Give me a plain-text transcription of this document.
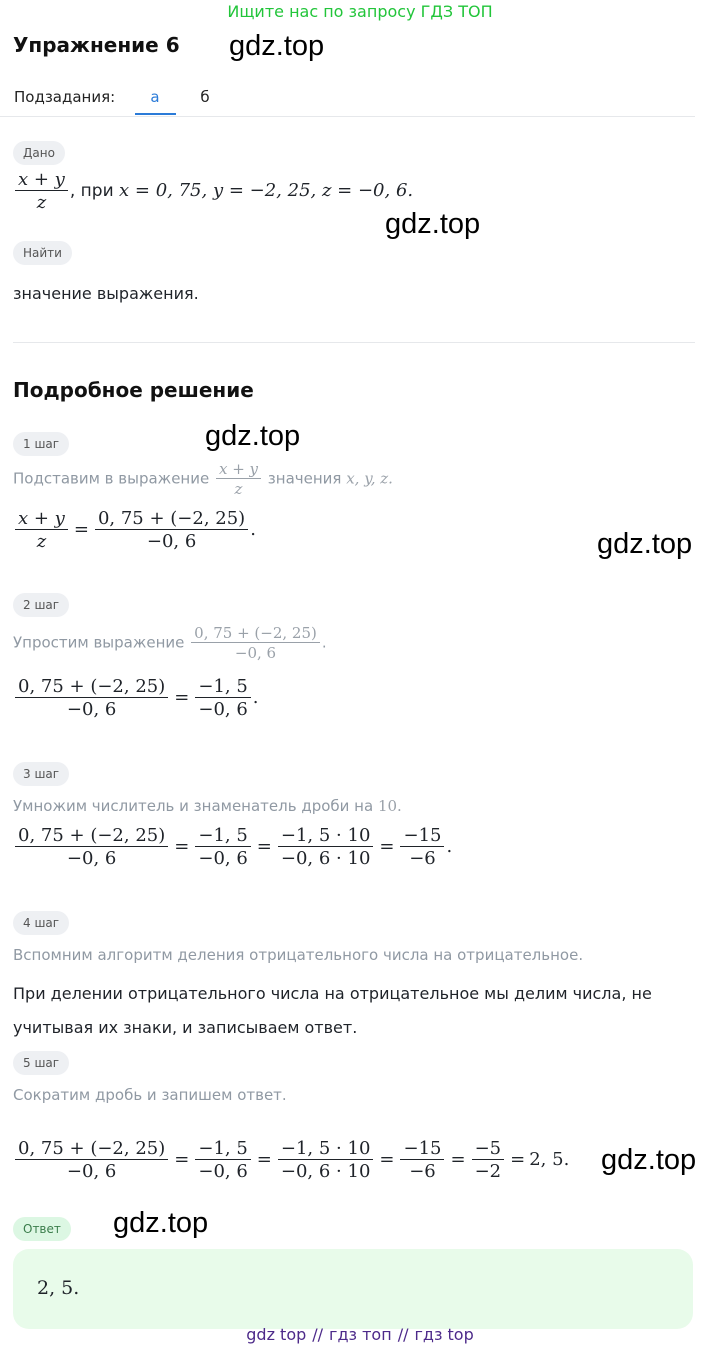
Ищите нас по запросу ГДЗ ТОП
Упражнение 6 gdz.top
Подзадания:	а	б
Дано
$\frac{x + y}{z}$ , при x = 0, 75, y = −2, 25, z = −0, 6.
gdz.top
Найти
значение выражения.
Подробное решение
1 шаг	gdz.top
Подставим в выражение $\frac{x + y}{z}$ значения x, y, z.
$\frac{x + y}{z} = \frac{0, 75 + (-2, 25)}{-0, 6}$ .	gdz.top
2 шаг
Упростим выражение $\frac{0, 75 + (-2, 25)}{-0, 6}$ .
$\frac{0, 75 + (-2, 25)}{-0, 6} = \frac{-1, 5}{-0, 6}$ .
3 шаг
Умножим числитель и знаменатель дроби на 10.
$\frac{0, 75 + (-2, 25)}{-0, 6} = \frac{-1, 5}{-0, 6} = \frac{-1, 5 \cdot 10}{-0, 6 \cdot 10} = \frac{-15}{-6}$ .
4 шаг
Вспомним алгоритм деления отрицательного числа на отрицательное.
При делении отрицательного числа на отрицательное мы делим числа, не
учитывая их знаки, и записываем ответ.
5 шаг
Сократим дробь и запишем ответ.
$\frac{0, 75 + (-2, 25)}{-0, 6} = \frac{-1, 5}{-0, 6} = \frac{-1, 5 \cdot 10}{-0, 6 \cdot 10} = \frac{-15}{-6} = \frac{-5}{-2} = 2$, 5. gdz.top
Ответ	gdz.top
2, 5.
gdz top // гдз топ // гдз top
